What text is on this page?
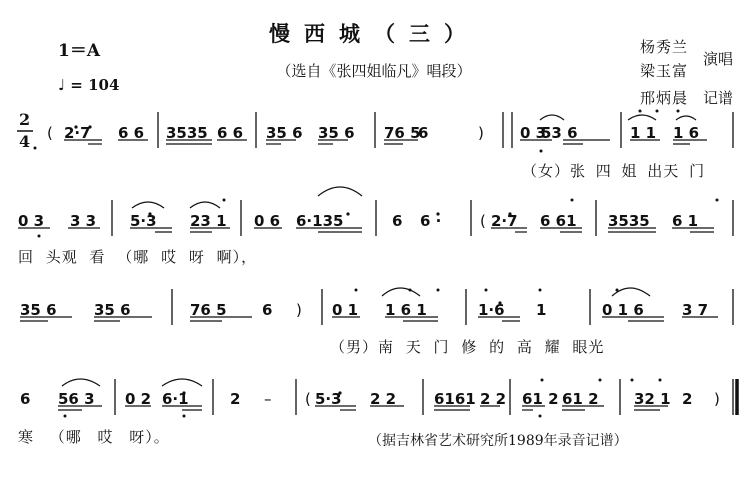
慢西城（三）
（选自《张四姐临凡》唱段）
1＝A
♩ = 104
杨秀兰
梁玉富
演唱
邢炳晨 记谱
( 2·7 6 6 3535 6 6 35 6 35 6 76 5
6	) 0 3
53 6	1 1 1 6
0 3 3 3 5·3 23 1 0 6 6·135	6 6 ·	( 2·7 6 61 3535 6 1
35 6 35 6	76 5 6 ) 0 1 1 6 1	1·6 1	0 1 6	3 7
6 56 3 0 2 6·1	2 – ( 5·3 2 2	6161 2 2 61 2 61 2 32 1 2 )
2
4
（女）张 四 姐 出天 门
回 头观 看 （哪 哎 呀 啊），
（男）南 天 门 修 的 高 耀 眼光
寒 （哪 哎 呀）。	（据吉林省艺术研究所1989年录音记谱）
( 2·7 66 | 3535 66 | 356 356 | 7656 ) | 03 536 | 1i 16 | 03 33 | 5·3 231 | 06 6·135 | 66· | (2·7 661 | 3535 61 | 356 356 | 7656 ) | 0i i6i | i·6 i | 0i6 37 | 6 563 | 02 6·1 | 2 – | (5·3 22 | 6161 22 | 612 612 | 32i 2 ) ||
